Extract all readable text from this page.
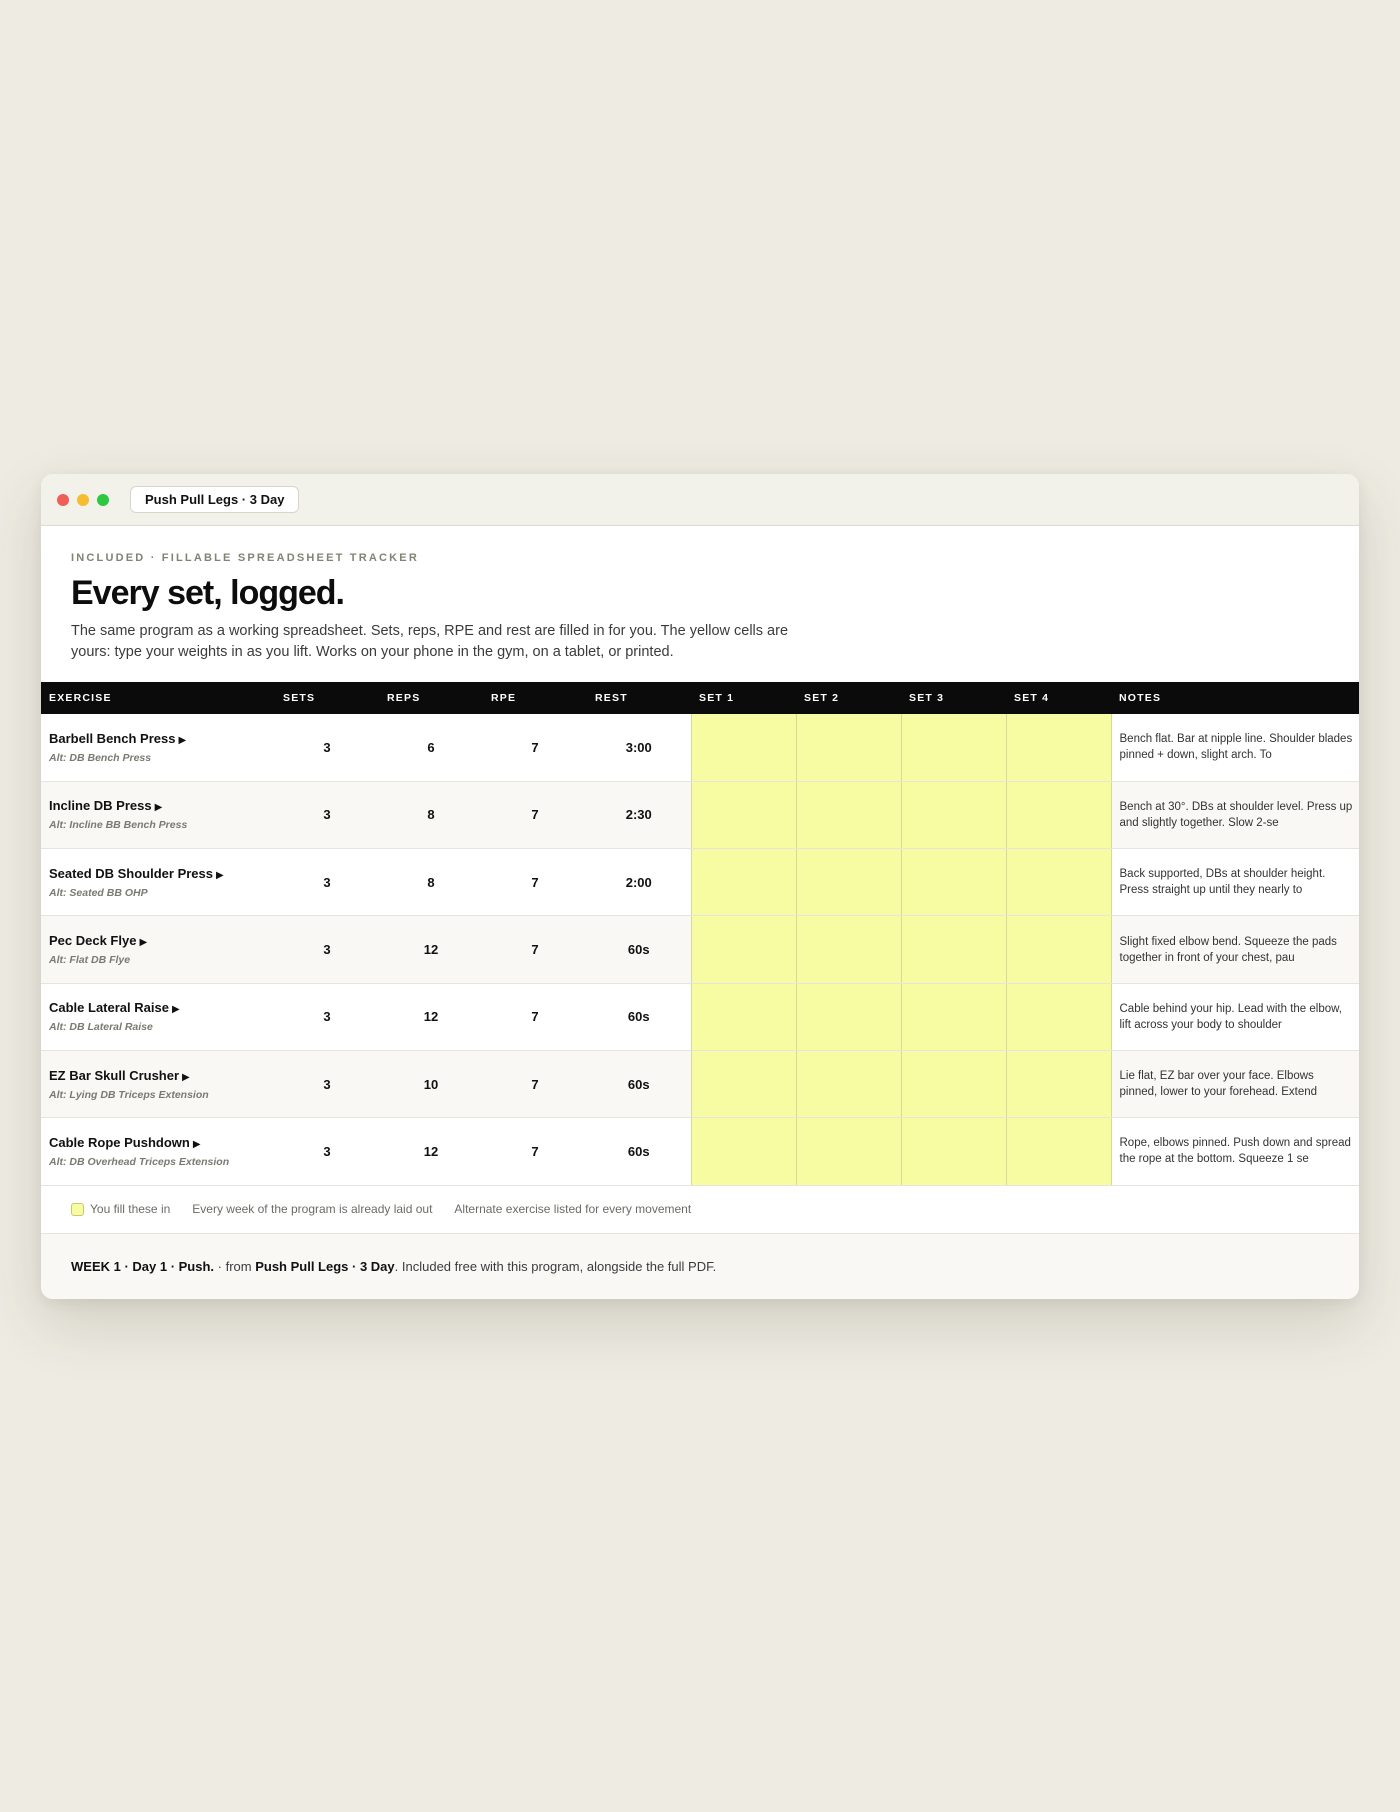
Push Pull Legs · 3 Day
INCLUDED · FILLABLE SPREADSHEET TRACKER
Every set, logged.
The same program as a working spreadsheet. Sets, reps, RPE and rest are filled in for you. The yellow cells are yours: type your weights in as you lift. Works on your phone in the gym, on a tablet, or printed.
EXERCISE	SETS	REPS	RPE	REST	SET 1	SET 2	SET 3	SET 4	NOTES

Barbell Bench Press ▶
Alt: DB Bench Press	3	6	7	3:00					Bench flat. Bar at nipple line. Shoulder blades pinned + down, slight arch. To

Incline DB Press ▶
Alt: Incline BB Bench Press	3	8	7	2:30					Bench at 30°. DBs at shoulder level. Press up and slightly together. Slow 2-se

Seated DB Shoulder Press ▶
Alt: Seated BB OHP	3	8	7	2:00					Back supported, DBs at shoulder height. Press straight up until they nearly to

Pec Deck Flye ▶
Alt: Flat DB Flye	3	12	7	60s					Slight fixed elbow bend. Squeeze the pads together in front of your chest, pau

Cable Lateral Raise ▶
Alt: DB Lateral Raise	3	12	7	60s					Cable behind your hip. Lead with the elbow, lift across your body to shoulder

EZ Bar Skull Crusher ▶
Alt: Lying DB Triceps Extension	3	10	7	60s					Lie flat, EZ bar over your face. Elbows pinned, lower to your forehead. Extend

Cable Rope Pushdown ▶
Alt: DB Overhead Triceps Extension	3	12	7	60s					Rope, elbows pinned. Push down and spread the rope at the bottom. Squeeze 1 se
You fill these in Every week of the program is already laid out Alternate exercise listed for every movement
WEEK 1 · Day 1 · Push. · from Push Pull Legs · 3 Day . Included free with this program, alongside the full PDF.
